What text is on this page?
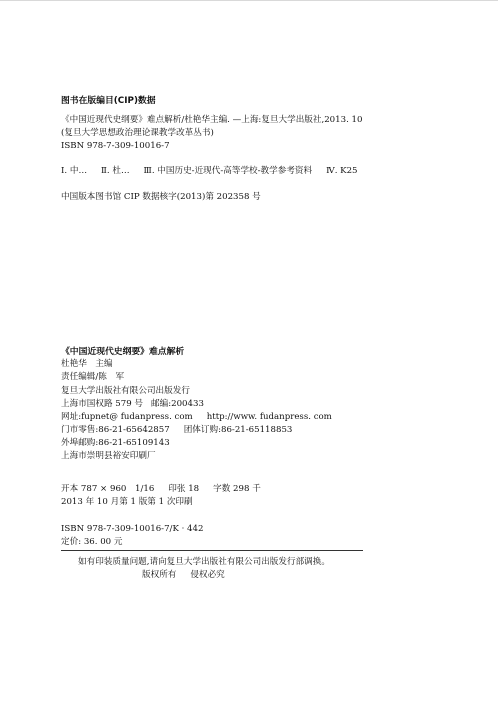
图书在版编目(CIP)数据
《中国近现代史纲要》难点解析/杜艳华主编. —上海:复旦大学出版社,2013. 10
(复旦大学思想政治理论课教学改革丛书)
ISBN 978-7-309-10016-7
Ⅰ. 中… Ⅱ. 杜… Ⅲ. 中国历史-近现代-高等学校-教学参考资料 Ⅳ. K25
中国版本图书馆 CIP 数据核字(2013)第 202358 号
《中国近现代史纲要》难点解析
杜艳华　主编
责任编辑/陈　军
复旦大学出版社有限公司出版发行
上海市国权路 579 号 邮编:200433
网址:fupnet@ fudanpress. com http://www. fudanpress. com
门市零售:86-21-65642857 团体订购:86-21-65118853
外埠邮购:86-21-65109143
上海市崇明县裕安印刷厂
开本 787 × 960　1/16 印张 18 字数 298 千
2013 年 10 月第 1 版第 1 次印刷
ISBN 978-7-309-10016-7/K · 442
定价: 36. 00 元
如有印装质量问题,请向复旦大学出版社有限公司出版发行部调换。
版权所有 侵权必究
